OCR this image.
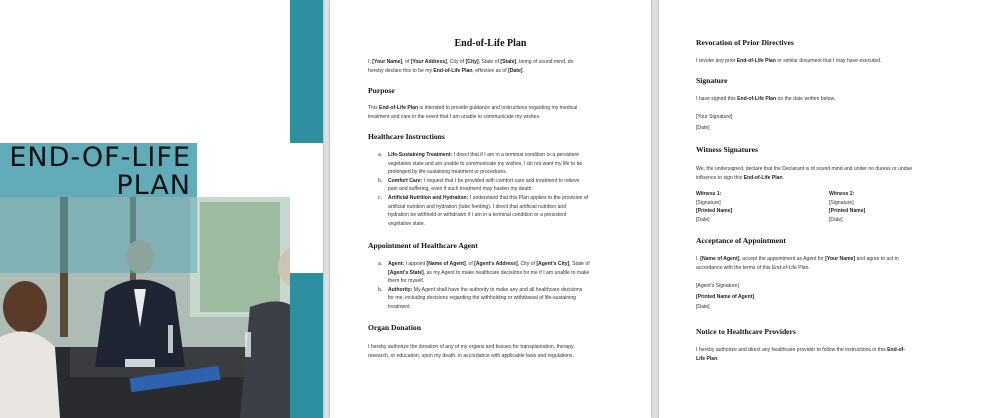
END-OF-LIFE
PLAN
End-of-Life Plan
I, [Your Name], of [Your Address], City of [City], State of [State], being of sound mind, do
hereby declare this to be my End-of-Life Plan, effective as of [Date].
Purpose
This End-of-Life Plan is intended to provide guidance and instructions regarding my medical
treatment and care in the event that I am unable to communicate my wishes.
Healthcare Instructions
a. Life-Sustaining Treatment: I direct that if I am in a terminal condition or a persistent
vegetative state and am unable to communicate my wishes, I do not want my life to be
prolonged by life-sustaining treatment or procedures.
b. Comfort Care: I request that I be provided with comfort care and treatment to relieve
pain and suffering, even if such treatment may hasten my death.
c. Artificial Nutrition and Hydration: I understand that this Plan applies to the provision of
artificial nutrition and hydration (tube feeding). I direct that artificial nutrition and
hydration be withheld or withdrawn if I am in a terminal condition or a persistent
vegetative state.
Appointment of Healthcare Agent
a. Agent: I appoint [Name of Agent], of [Agent's Address], City of [Agent's City], State of
[Agent's State], as my Agent to make healthcare decisions for me if I am unable to make
them for myself.
b. Authority: My Agent shall have the authority to make any and all healthcare decisions
for me, including decisions regarding the withholding or withdrawal of life-sustaining
treatment.
Organ Donation
I hereby authorize the donation of any of my organs and tissues for transplantation, therapy,
research, or education, upon my death, in accordance with applicable laws and regulations.
Revocation of Prior Directives
I revoke any prior End-of-Life Plan or similar document that I may have executed.
Signature
I have signed this End-of-Life Plan on the date written below.
[Your Signature]
[Date]
Witness Signatures
We, the undersigned, declare that the Declarant is of sound mind and under no duress or undue
influence to sign this End-of-Life Plan.
Witness 1:
[Signature]
[Printed Name]
[Date]
Witness 2:
[Signature]
[Printed Name]
[Date]
Acceptance of Appointment
I, [Name of Agent], accept the appointment as Agent for [Your Name] and agree to act in
accordance with the terms of this End-of-Life Plan.
[Agent's Signature]
[Printed Name of Agent]
[Date]
Notice to Healthcare Providers
I hereby authorize and direct any healthcare provider to follow the instructions in this End-of-
Life Plan.
